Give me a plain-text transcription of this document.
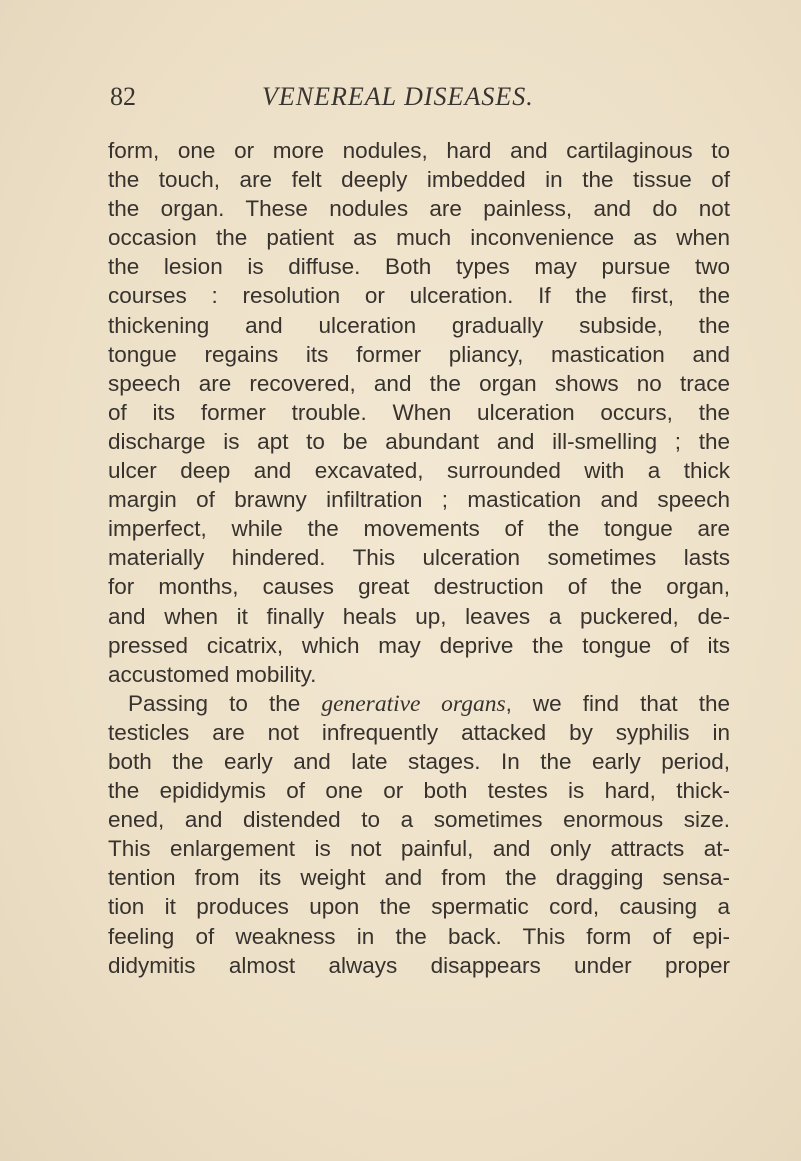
82	VENEREAL DISEASES.
form, one or more nodules, hard and cartilaginous to
the touch, are felt deeply imbedded in the tissue of
the organ. These nodules are painless, and do not
occasion the patient as much inconvenience as when
the lesion is diffuse. Both types may pursue two
courses : resolution or ulceration. If the first, the
thickening and ulceration gradually subside, the
tongue regains its former pliancy, mastication and
speech are recovered, and the organ shows no trace
of its former trouble. When ulceration occurs, the
discharge is apt to be abundant and ill-smelling ; the
ulcer deep and excavated, surrounded with a thick
margin of brawny infiltration ; mastication and speech
imperfect, while the movements of the tongue are
materially hindered. This ulceration sometimes lasts
for months, causes great destruction of the organ,
and when it finally heals up, leaves a puckered, de-
pressed cicatrix, which may deprive the tongue of its
accustomed mobility.
Passing to the generative organs, we find that the
testicles are not infrequently attacked by syphilis in
both the early and late stages. In the early period,
the epididymis of one or both testes is hard, thick-
ened, and distended to a sometimes enormous size.
This enlargement is not painful, and only attracts at-
tention from its weight and from the dragging sensa-
tion it produces upon the spermatic cord, causing a
feeling of weakness in the back. This form of epi-
didymitis almost always disappears under proper
